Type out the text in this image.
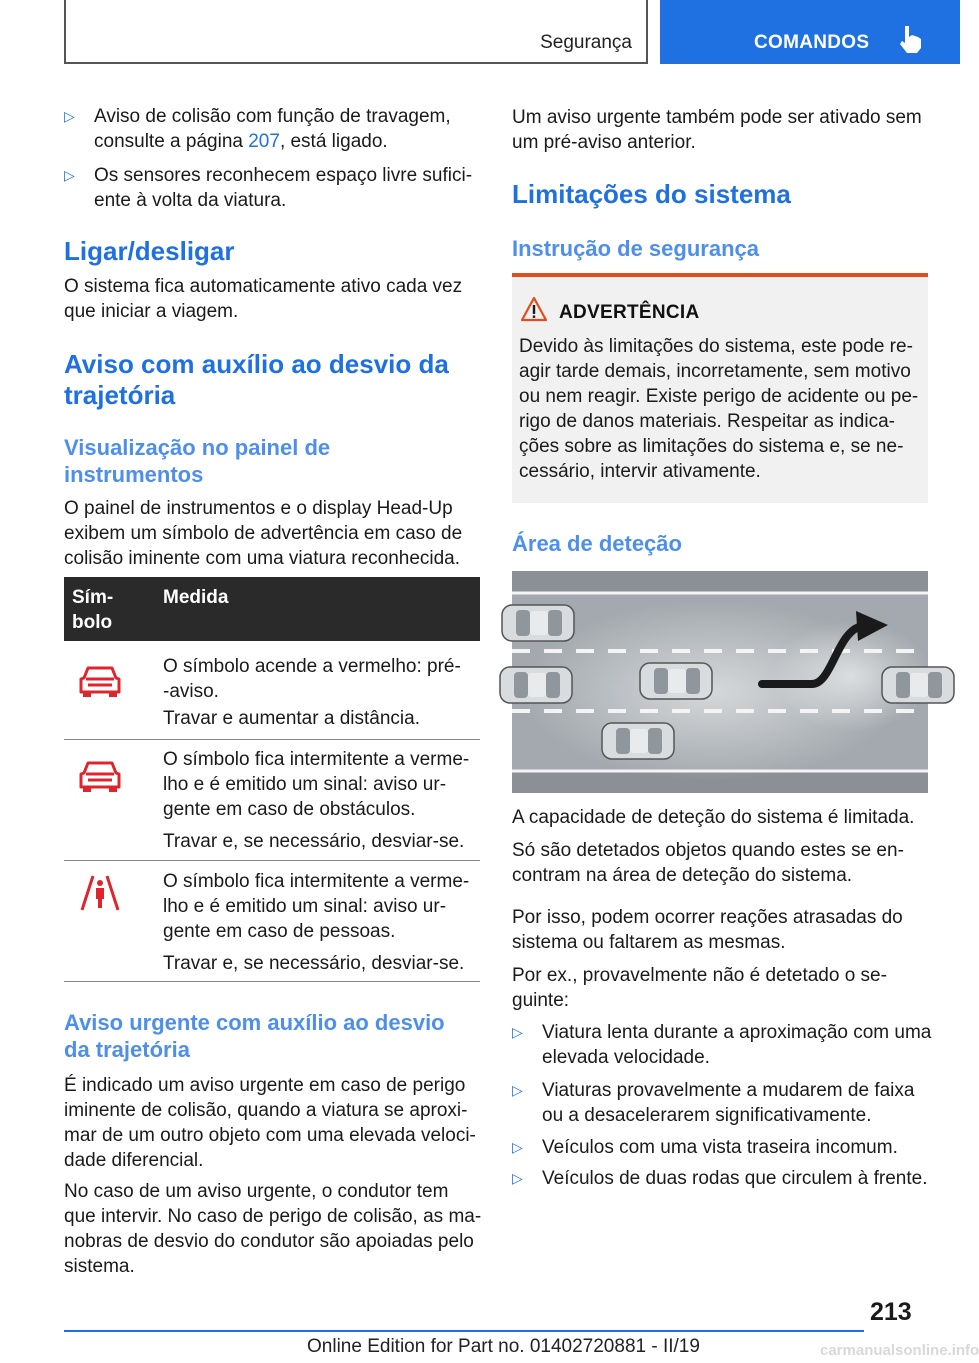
Segurança	COMANDOS
▷ Aviso de colisão com função de travagem,
consulte a página 207, está ligado.
▷ Os sensores reconhecem espaço livre sufici-
ente à volta da viatura.
Ligar/desligar
O sistema fica automaticamente ativo cada vez
que iniciar a viagem.
Aviso com auxílio ao desvio da
trajetória
Visualização no painel de
instrumentos
O painel de instrumentos e o display Head-Up
exibem um símbolo de advertência em caso de
colisão iminente com uma viatura reconhecida.
Sím-
bolo
Medida
O símbolo acende a vermelho: pré-
-aviso.
Travar e aumentar a distância.
O símbolo fica intermitente a verme-
lho e é emitido um sinal: aviso ur-
gente em caso de obstáculos.
Travar e, se necessário, desviar-se.
O símbolo fica intermitente a verme-
lho e é emitido um sinal: aviso ur-
gente em caso de pessoas.
Travar e, se necessário, desviar-se.
Aviso urgente com auxílio ao desvio
da trajetória
É indicado um aviso urgente em caso de perigo
iminente de colisão, quando a viatura se aproxi-
mar de um outro objeto com uma elevada veloci-
dade diferencial.
No caso de um aviso urgente, o condutor tem
que intervir. No caso de perigo de colisão, as ma-
nobras de desvio do condutor são apoiadas pelo
sistema.
Um aviso urgente também pode ser ativado sem
um pré-aviso anterior.
Limitações do sistema
Instrução de segurança
ADVERTÊNCIA
Devido às limitações do sistema, este pode re-
agir tarde demais, incorretamente, sem motivo
ou nem reagir. Existe perigo de acidente ou pe-
rigo de danos materiais. Respeitar as indica-
ções sobre as limitações do sistema e, se ne-
cessário, intervir ativamente.
Área de deteção
A capacidade de deteção do sistema é limitada.
Só são detetados objetos quando estes se en-
contram na área de deteção do sistema.
Por isso, podem ocorrer reações atrasadas do
sistema ou faltarem as mesmas.
Por ex., provavelmente não é detetado o se-
guinte:
▷ Viatura lenta durante a aproximação com uma
elevada velocidade.
▷ Viaturas provavelmente a mudarem de faixa
ou a desacelerarem significativamente.
▷ Veículos com uma vista traseira incomum.
▷ Veículos de duas rodas que circulem à frente.
213
Online Edition for Part no. 01402720881 - II/19	carmanualsonline.info
